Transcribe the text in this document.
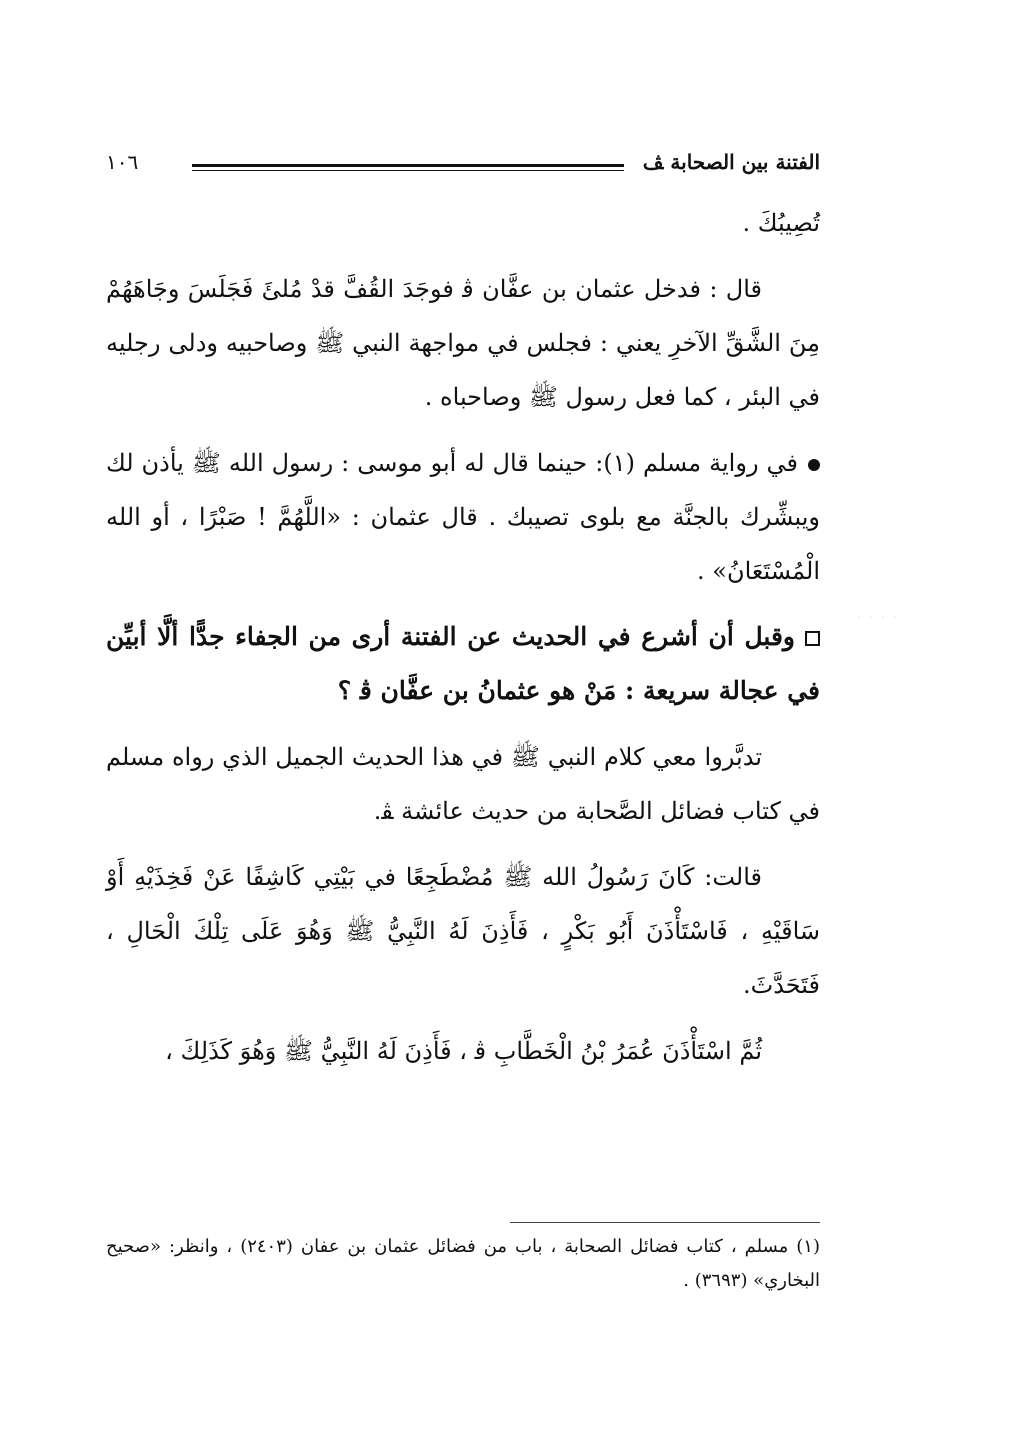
الفتنة بين الصحابة ﭫ
١٠٦

تُصِيبُكَ .

قال : فدخل عثمان بن عفَّان ﭬ فوجَدَ القُفَّ قدْ مُلئَ فَجَلَسَ وجَاهَهُمْ مِنَ الشَّقِّ الآخرِ يعني : فجلس في مواجهة النبي ﷺ وصاحبيه ودلى رجليه في البئر ، كما فعل رسول ﷺ وصاحباه .

في رواية مسلم (١): حينما قال له أبو موسى : رسول الله ﷺ يأذن لك ويبشِّرك بالجنَّة مع بلوى تصيبك . قال عثمان : «اللَّهُمَّ ! صَبْرًا ، أو الله الْمُسْتَعَانُ» .

وقبل أن أشرع في الحديث عن الفتنة أرى من الجفاء جدًّا ألَّا أبيِّن في عجالة سريعة : مَنْ هو عثمانُ بن عفَّان ﭬ ؟

تدبَّروا معي كلام النبي ﷺ في هذا الحديث الجميل الذي رواه مسلم في كتاب فضائل الصَّحابة من حديث عائشة ﭭ.

قالت: كَانَ رَسُولُ الله ﷺ مُضْطَجِعًا في بَيْتِي كَاشِفًا عَنْ فَخِذَيْهِ أَوْ سَاقَيْهِ ، فَاسْتَأْذَنَ أَبُو بَكْرٍ ، فَأَذِنَ لَهُ النَّبِيُّ ﷺ وَهُوَ عَلَى تِلْكَ الْحَالِ ، فَتَحَدَّثَ.

ثُمَّ اسْتَأْذَنَ عُمَرُ بْنُ الْخَطَّابِ ﭬ ، فَأَذِنَ لَهُ النَّبِيُّ ﷺ وَهُوَ كَذَلِكَ ،

(١) مسلم ، كتاب فضائل الصحابة ، باب من فضائل عثمان بن عفان (٢٤٠٣) ، وانظر: «صحيح البخاري» (٣٦٩٣) .
· · · ·
